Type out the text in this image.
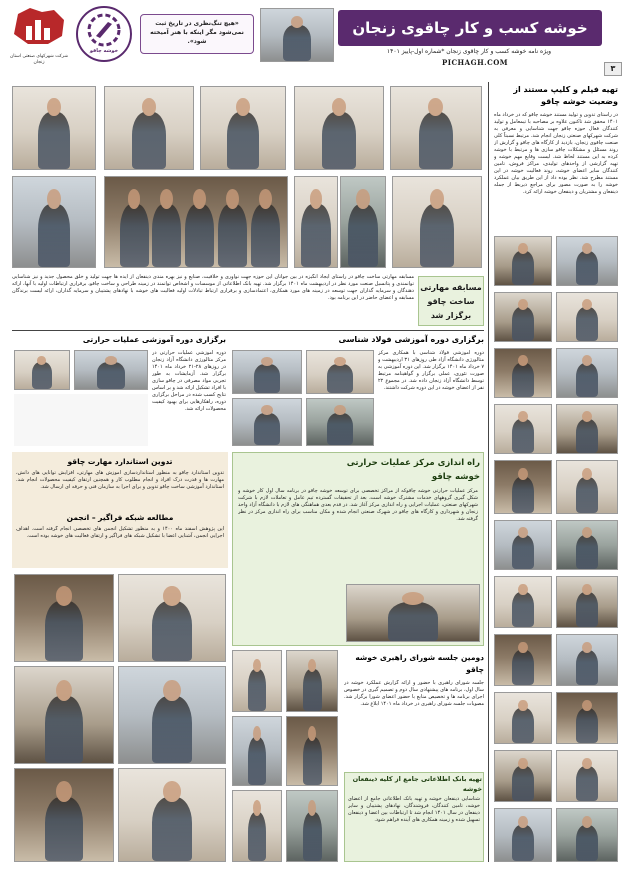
شرکت شهرکهای صنعتی استان زنجان
خوشه چاقو
«هیچ تنگ‌نظری در تاریخ ثبت نمی‌شود مگر اینکه با هنر آمیخته شود».
خوشه کسب و کار چاقوی زنجان
۳
ویژه نامه خوشه کسب و کار چاقوی زنجان *شماره اول-پاییز ۱۴۰۱
PICHAGH.COM
مسابقه مهارتی ساخت چاقو در راستای ایجاد انگیزه در بین جوانان این حوزه جهت نوآوری و خلاقیت، صنایع و نیز بهره مندی ذینفعان از ایده ها جهت تولید و خلق محصول جدید و نیز شناسایی توانمندی و پتانسیل صنعت مورد نظر در اردیبهشت ماه ۱۴۰۱ برگزار شد. تهیه بانک اطلاعاتی از موسسات و اشخاص توانمند در زمینه طراحی و ساخت چاقو، برقراری ارتباطات اولیه با آنها، ارائه دهندگان و سرمایه گذاران جهت توسعه در زمینه های مورد همکاری، اعتمادسازی و برقراری ارتباط تبادلات اولیه فعالیت های خوشه با نهادهای پشتیبان و سرمایه گذاران، ارائه لیست برندگان مسابقه و اعضای حاضر در این برنامه بود.
مسابقه مهارتی ساخت چاقو برگزار شد
تهیه فیلم و کلیپ مستند از وضعیت خوشه چاقو
در راستای تدوین و تولید مستند خوشه چاقو که در خرداد ماه ۱۴۰۱ محقق شد تا‌کنون علاوه بر مصاحبه با تیمعامل و تولید کنندگان فعال حوزه چاقو جهت شناسایی و معرفی به شرکت شهرکهای صنعتی زنجان انجام شد. مرتبط نسبتاً کلی صنعت چاقوی زنجان، بازدید از کارگاه های چاقو و گزارش از روند مسئلل و مشکلات چاقو سازی ها و مرتبط با خوشه کرده به این مستند لحاظ شد. لیست وقایع مهم خوشه و تهیه گزارشی از واحدهای تولیدی، مراکز فروش، تامین کنندگان سایر اعضای خوشه، روند فعالیت خوشه در این مستند مطرح شد. نظر بوده داد از این طریق بیان عملکرد خوشه را به صورت مصور برای مراجع ذیربط از جمله ذینفعان و مشتریان و ذینفعان خوشه ارائه کرد.
برگزاری دوره آموزشی فولاد شناسی
دوره آموزشی فولاد شناسی با همکاری مرکز متالورژی دانشگاه آزاد طی روزهای ۳۱ اردیبهشت و ۷ خرداد ماه ۱۴۰۱ برگزار شد. این دوره آموزشی به صورت تئوری، عملی برگزار و گواهینامه مرتبط توسط دانشگاه آزاد زنجان داده شد. در مجموع ۲۲ نفر از اعضای خوشه در این دوره شرکت داشتند.
برگزاری دوره آموزشی عملیات حرارتی
دوره آموزشی عملیات حرارتی در مرکز متالورژی دانشگاه آزاد زنجان در روزهای ۲۸-۲۱ خرداد ماه ۱۴۰۱ برگزار شد. آزمایشات به طور تجربی مواد مصرفی در چاقو سازی با افراد تشکیل ارائه شد و بر اساس نتایج کسب شده در مراحل برگزاری دوره، راهکارهایی برای بهبود کیفیت محصولات ارائه شد.
راه اندازی مرکز عملیات حرارتی خوشه چاقو
مرکز عملیات حرارتی خوشه چاقوکه از مراکز تخصصی برای توسعه خوشه چاقو در برنامه سال اول کار خوشه و شکل گیری گروههای خدمات مشترک خوشه است، بعد از تحقیقات گسترده تیم عامل و تعاملات لازم با شرکت شهرکهای صنعتی، عملیات اجرایی و راه اندازی مرکز آغاز شد. در قدم بعدی هماهنگی های لازم با دانشگاه آزاد واحد زنجان و شهرداری و کارگاه های چاقو در شهرک صنعتی انجام شده و مکان مناسب برای راه اندازی مرکز در نظر گرفته شد.
تدوین استاندارد مهارت چاقو
تدوین استاندارد چاقو به منظور استانداردسازی آموزش های مهارتی، افزایش توانایی های دانش، مهارت ها و قدرت درک افراد و انجام مطلوب کار و همچنین ارتقای کیفیت محصولات انجام شد. استاندارد آموزشی ساخت چاقو تدوین و برای اجرا به سازمان فنی و حرفه ای ارسال شد.
مطالعه شبکه فراگیر – انجمن
این پژوهش اسفند ماه ۱۴۰۰ و به منظور تشکیل انجمن های تخصصی انجام گرفته است. اهداف اجرایی انجمن، آشنایی اعضا با تشکیل شبکه های فراگیر و ارتقای فعالیت های خوشه بوده است.
دومین جلسه شورای راهبری خوشه چاقو
جلسه شورای راهبری با حضور و ارائه گزارش عملکرد خوشه در سال اول، برنامه های پیشنهادی سال دوم و تصمیم گیری در خصوص اجرای برنامه ها و تخصیص منابع با حضور اعضای شورا برگزار شد. مصوبات جلسه شورای راهبری در خرداد ماه ۱۴۰۱ ابلاغ شد.
تهیه بانک اطلاعاتی جامع از کلیه ذینفعان خوشه
شناسایی ذینفعان خوشه و تهیه بانک اطلاعاتی جامع از اعضای خوشه، تامین کنندگان، فروشندگان، نهادهای پشتیبان و سایر ذینفعان در سال ۱۴۰۱ انجام شد تا ارتباطات بین اعضا و ذینفعان تسهیل شده و زمینه همکاری های آینده فراهم شود.
